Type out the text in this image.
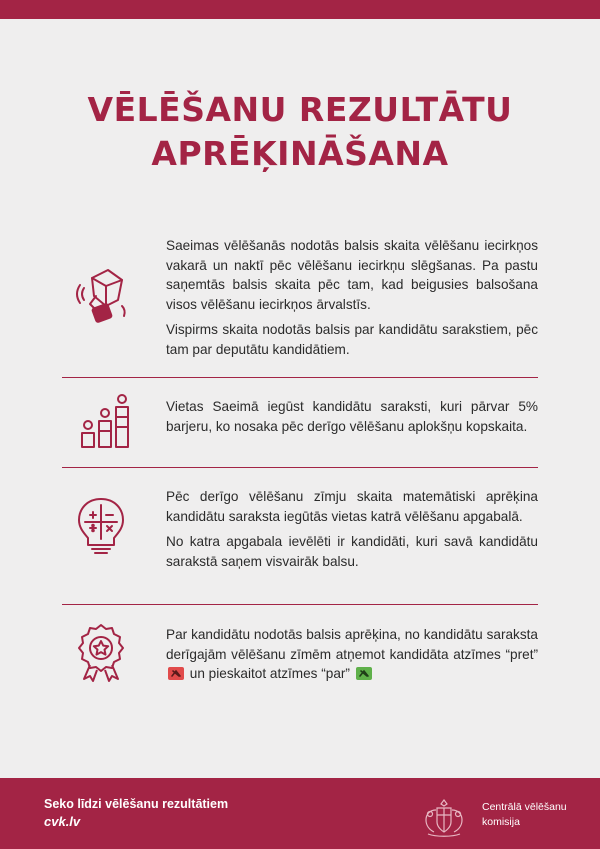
VĒLĒŠANU REZULTĀTU
APRĒĶINĀŠANA

Saeimas vēlēšanās nodotās balsis skaita vēlēšanu iecirkņos vakarā un naktī pēc vēlēšanu iecirkņu slēgšanas. Pa pastu saņemtās balsis skaita pēc tam, kad beigusies balsošana visos vēlēšanu iecirkņos ārvalstīs.

Vispirms skaita nodotās balsis par kandidātu sarakstiem, pēc tam par deputātu kandidātiem.

Vietas Saeimā iegūst kandidātu saraksti, kuri pārvar 5% barjeru, ko nosaka pēc derīgo vēlēšanu aplokšņu kopskaita.

Pēc derīgo vēlēšanu zīmju skaita matemātiski aprēķina kandidātu saraksta iegūtās vietas katrā vēlēšanu apgabalā.

No katra apgabala ievēlēti ir kandidāti, kuri savā kandidātu sarakstā saņem visvairāk balsu.

Par kandidātu nodotās balsis aprēķina, no kandidātu saraksta derīgajām vēlēšanu zīmēm atņemot kandidāta atzīmes “pret”
un pieskaitot atzīmes “par”

Seko līdzi vēlēšanu rezultātiem
cvk.lv
Centrālā vēlēšanu
komisija
